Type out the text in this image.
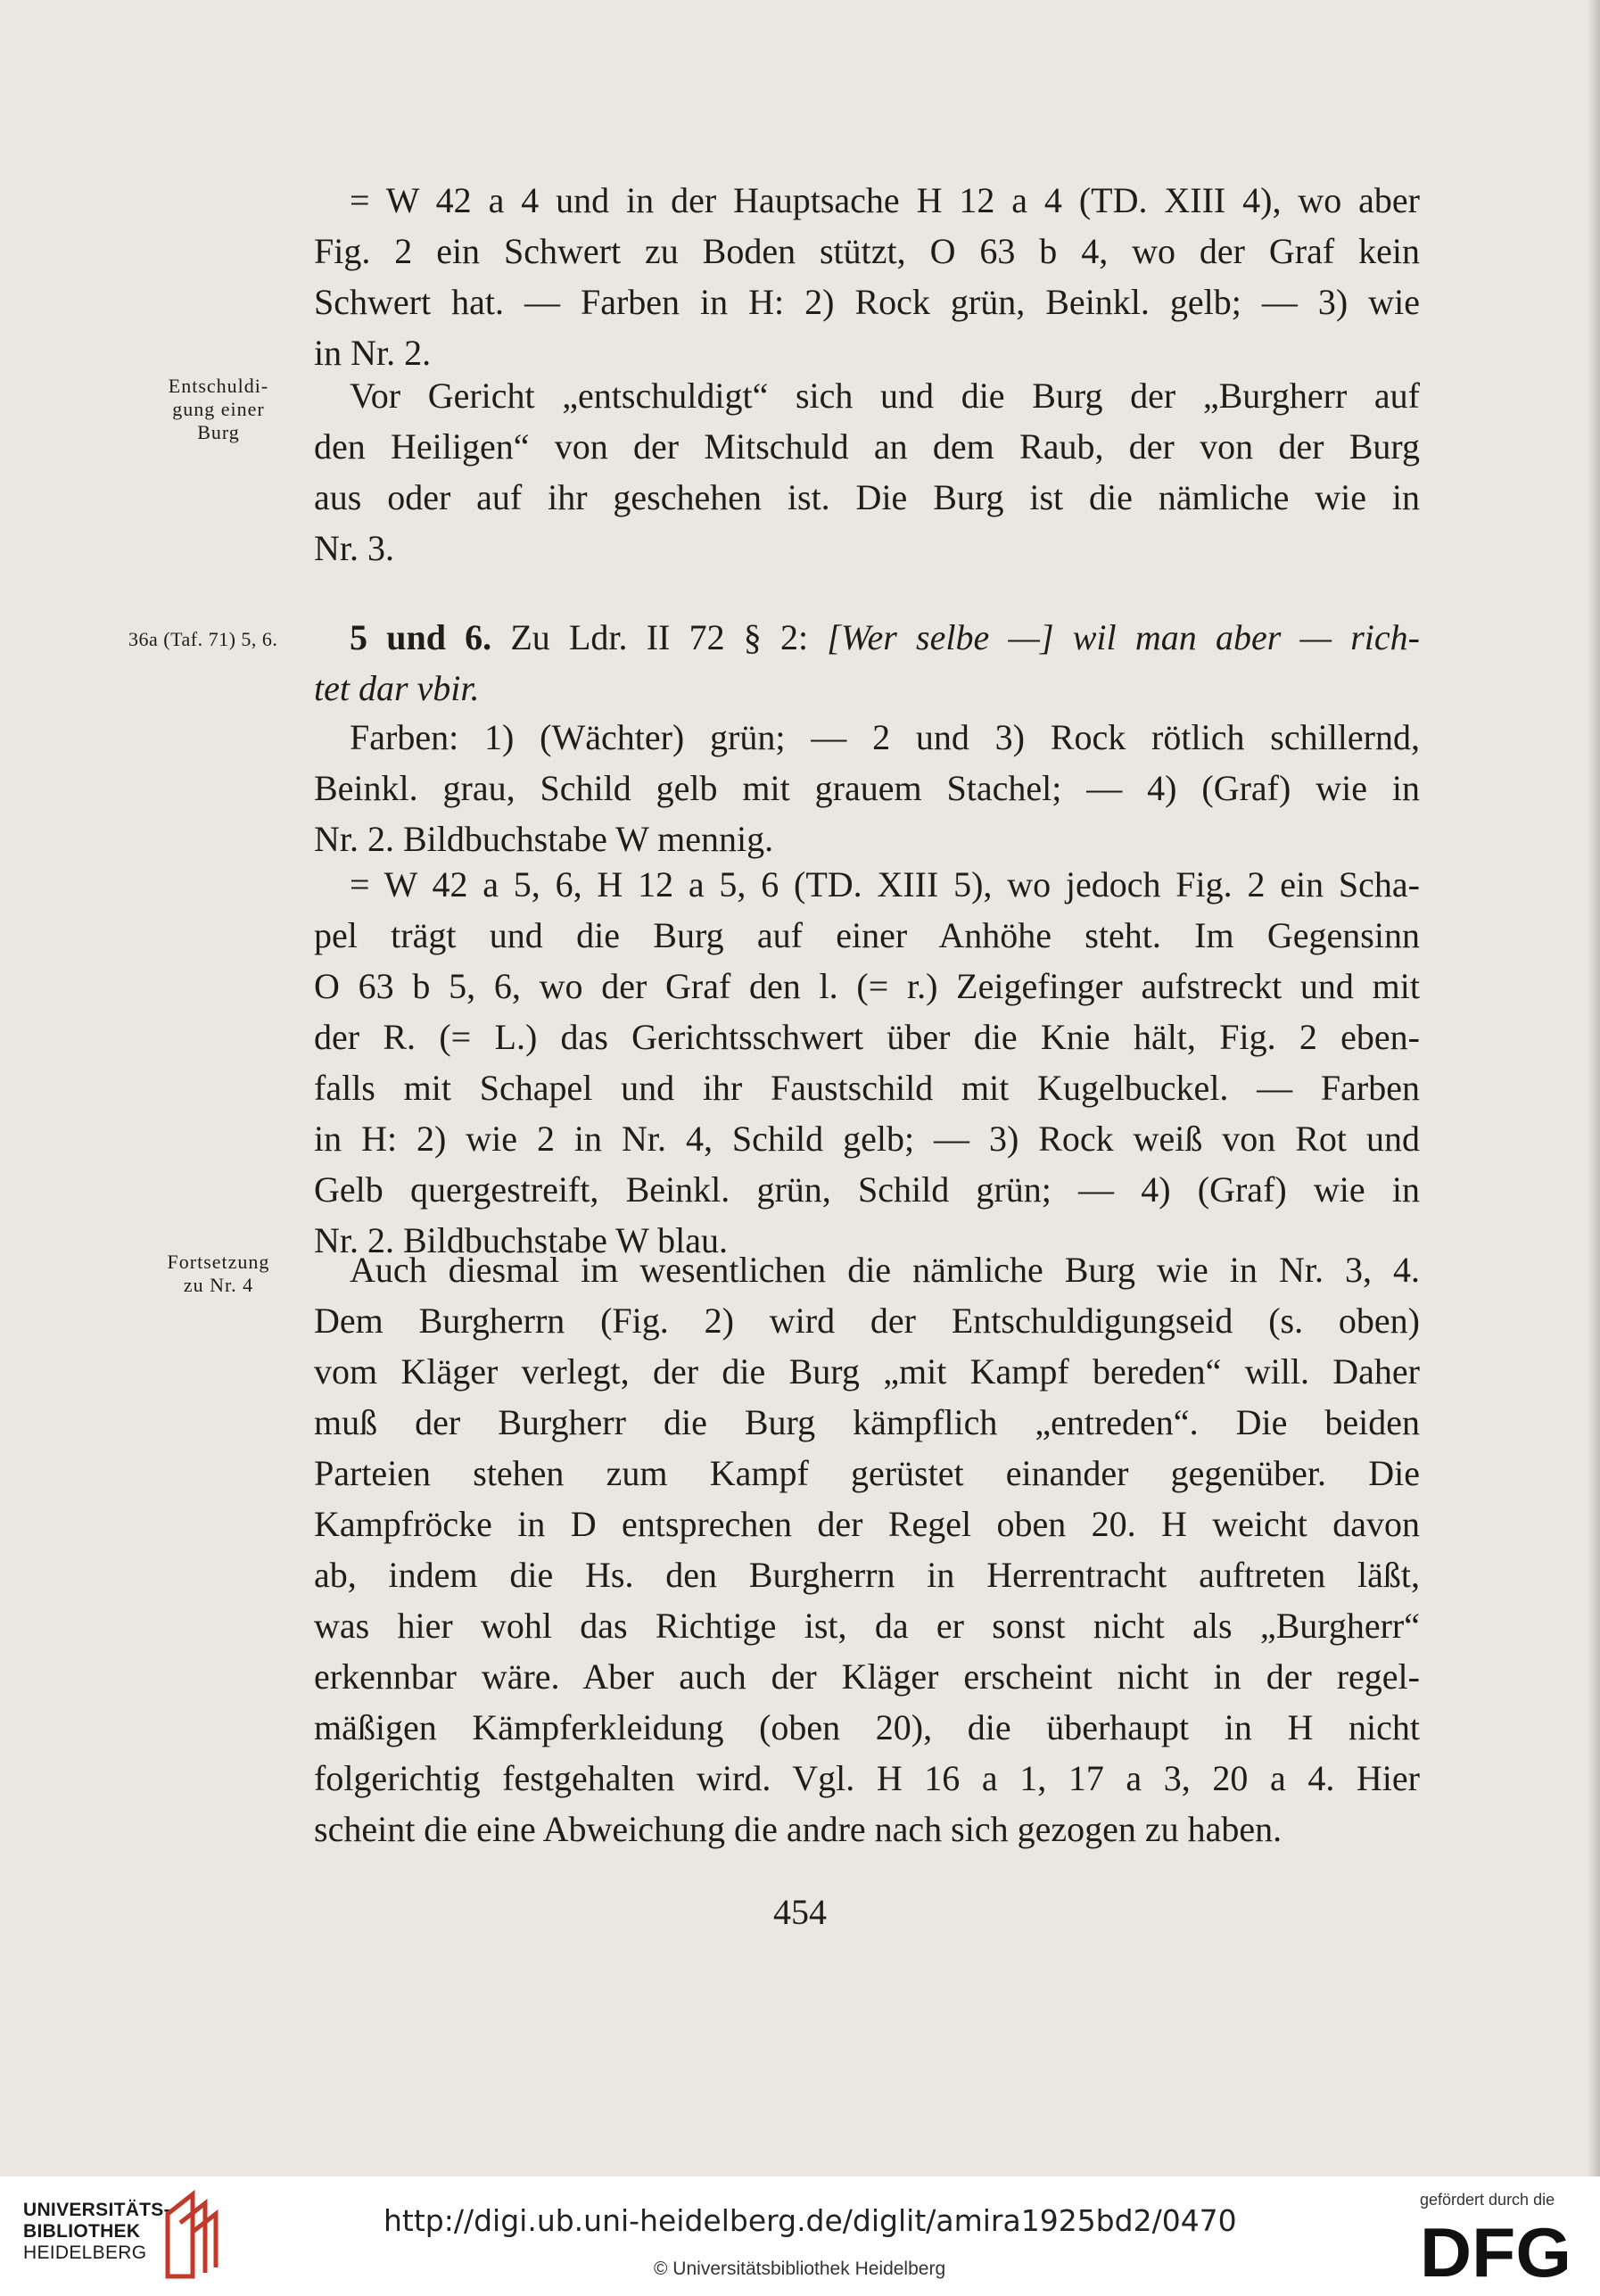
= W 42 a 4 und in der Hauptsache H 12 a 4 (TD. XIII 4), wo aber
Fig. 2 ein Schwert zu Boden stützt, O 63 b 4, wo der Graf kein
Schwert hat. — Farben in H: 2) Rock grün, Beinkl. gelb; — 3) wie
in Nr. 2.
Entschuldi-
gung einer
Burg
Vor Gericht „entschuldigt“ sich und die Burg der „Burgherr auf
den Heiligen“ von der Mitschuld an dem Raub, der von der Burg
aus oder auf ihr geschehen ist. Die Burg ist die nämliche wie in
Nr. 3.
36a (Taf. 71) 5, 6.	5 und 6. Zu Ldr. II 72 § 2: [Wer selbe —] wil man aber — rich-
tet dar vbir.
Farben: 1) (Wächter) grün; — 2 und 3) Rock rötlich schillernd,
Beinkl. grau, Schild gelb mit grauem Stachel; — 4) (Graf) wie in
Nr. 2. Bildbuchstabe W mennig.
= W 42 a 5, 6, H 12 a 5, 6 (TD. XIII 5), wo jedoch Fig. 2 ein Scha-
pel trägt und die Burg auf einer Anhöhe steht. Im Gegensinn
O 63 b 5, 6, wo der Graf den l. (= r.) Zeigefinger aufstreckt und mit
der R. (= L.) das Gerichtsschwert über die Knie hält, Fig. 2 eben-
falls mit Schapel und ihr Faustschild mit Kugelbuckel. — Farben
in H: 2) wie 2 in Nr. 4, Schild gelb; — 3) Rock weiß von Rot und
Gelb quergestreift, Beinkl. grün, Schild grün; — 4) (Graf) wie in
Nr. 2. Bildbuchstabe W blau.
Fortsetzung
zu Nr. 4	Auch diesmal im wesentlichen die nämliche Burg wie in Nr. 3, 4.
Dem Burgherrn (Fig. 2) wird der Entschuldigungseid (s. oben)
vom Kläger verlegt, der die Burg „mit Kampf bereden“ will. Daher
muß der Burgherr die Burg kämpflich „entreden“. Die beiden
Parteien stehen zum Kampf gerüstet einander gegenüber. Die
Kampfröcke in D entsprechen der Regel oben 20. H weicht davon
ab, indem die Hs. den Burgherrn in Herrentracht auftreten läßt,
was hier wohl das Richtige ist, da er sonst nicht als „Burgherr“
erkennbar wäre. Aber auch der Kläger erscheint nicht in der regel-
mäßigen Kämpferkleidung (oben 20), die überhaupt in H nicht
folgerichtig festgehalten wird. Vgl. H 16 a 1, 17 a 3, 20 a 4. Hier
scheint die eine Abweichung die andre nach sich gezogen zu haben.
454
UNIVERSITÄTS-
BIBLIOTHEK
HEIDELBERG
http://digi.ub.uni-heidelberg.de/diglit/amira1925bd2/0470
© Universitätsbibliothek Heidelberg
gefördert durch die
DFG
